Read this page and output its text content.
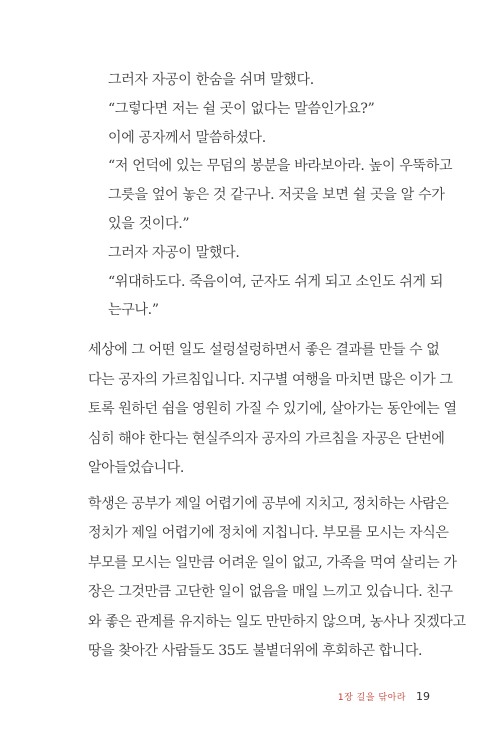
그러자 자공이 한숨을 쉬며 말했다.

“그렇다면 저는 쉴 곳이 없다는 말씀인가요?”

이에 공자께서 말씀하셨다.

“저 언덕에 있는 무덤의 봉분을 바라보아라. 높이 우뚝하고

그릇을 엎어 놓은 것 같구나. 저곳을 보면 쉴 곳을 알 수가

있을 것이다.”

그러자 자공이 말했다.

“위대하도다. 죽음이여, 군자도 쉬게 되고 소인도 쉬게 되

는구나.”

세상에 그 어떤 일도 설렁설렁하면서 좋은 결과를 만들 수 없

다는 공자의 가르침입니다. 지구별 여행을 마치면 많은 이가 그

토록 원하던 쉼을 영원히 가질 수 있기에, 살아가는 동안에는 열

심히 해야 한다는 현실주의자 공자의 가르침을 자공은 단번에

알아들었습니다.

학생은 공부가 제일 어렵기에 공부에 지치고, 정치하는 사람은

정치가 제일 어렵기에 정치에 지칩니다. 부모를 모시는 자식은

부모를 모시는 일만큼 어려운 일이 없고, 가족을 먹여 살리는 가

장은 그것만큼 고단한 일이 없음을 매일 느끼고 있습니다. 친구

와 좋은 관계를 유지하는 일도 만만하지 않으며, 농사나 짓겠다고

땅을 찾아간 사람들도 35도 불볕더위에 후회하곤 합니다.

1장 길을 닦아라 19
